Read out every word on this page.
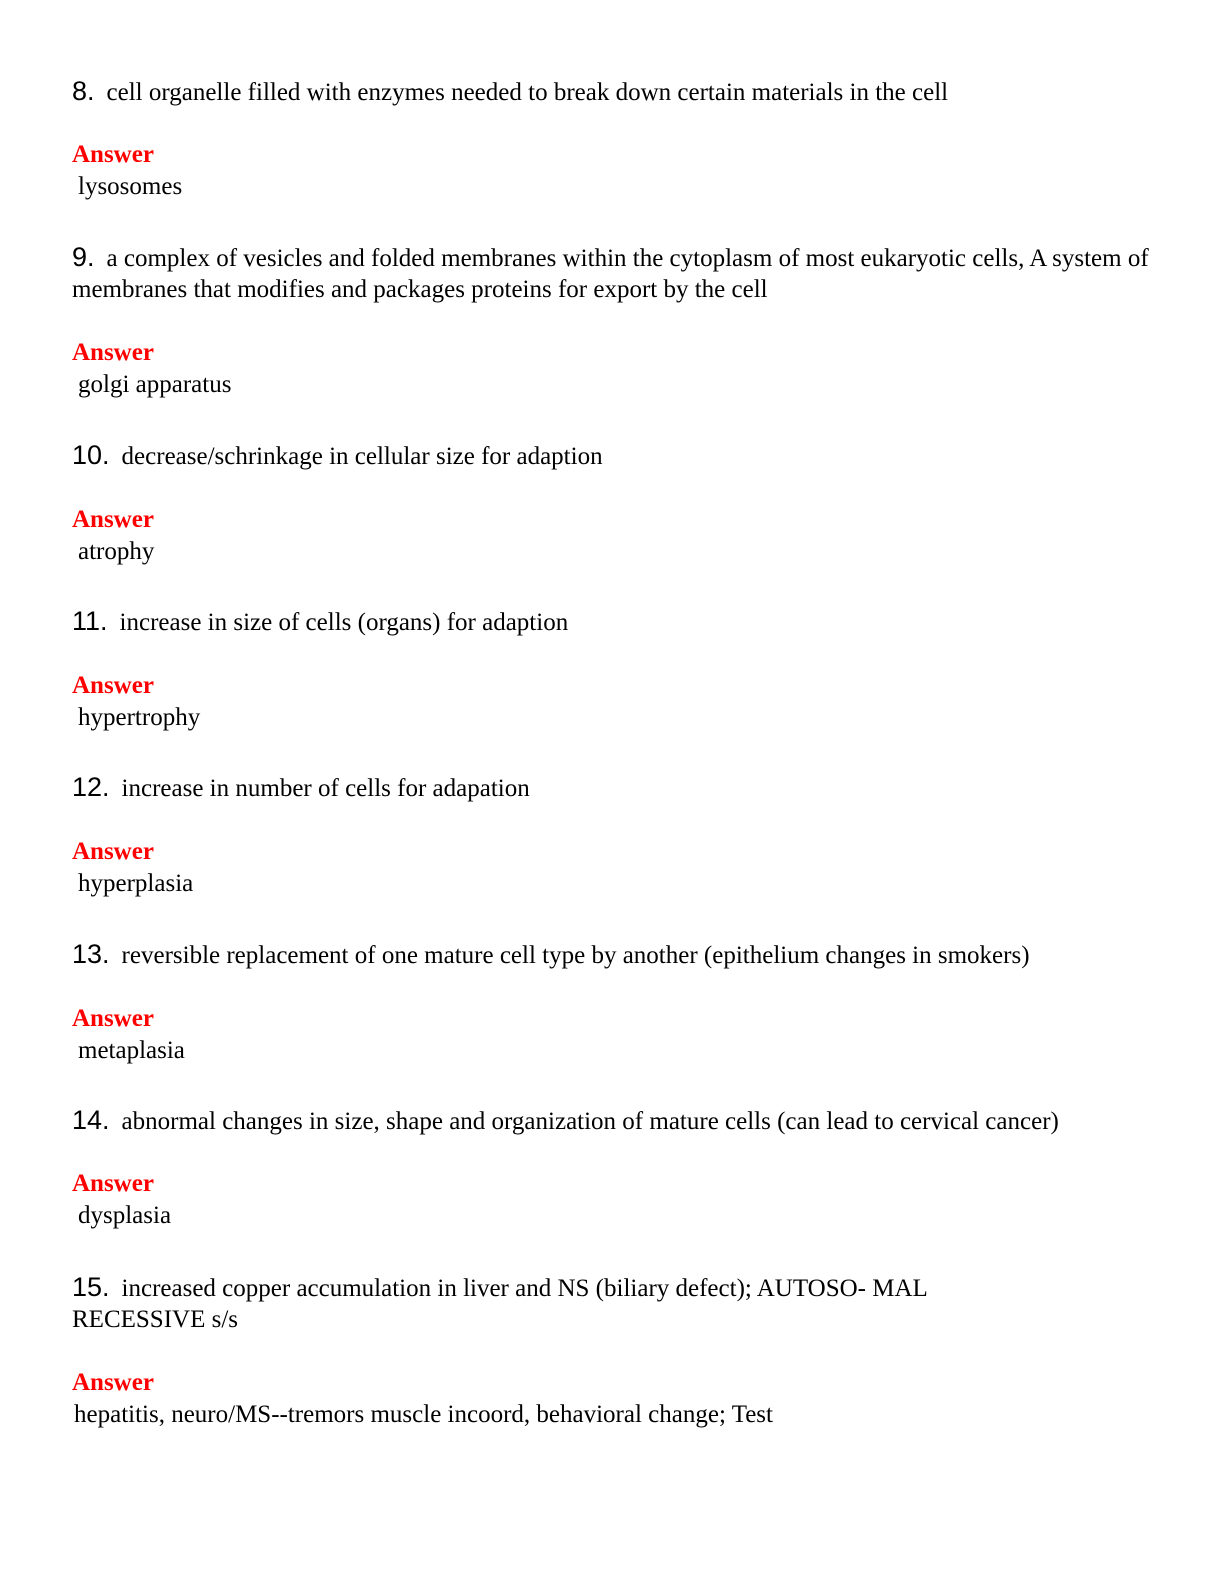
8. cell organelle filled with enzymes needed to break down certain materials in the cell
Answer
lysosomes
9. a complex of vesicles and folded membranes within the cytoplasm of most eukaryotic cells, A system of membranes that modifies and packages proteins for export by the cell
Answer
golgi apparatus
10. decrease/schrinkage in cellular size for adaption
Answer
atrophy
11. increase in size of cells (organs) for adaption
Answer
hypertrophy
12. increase in number of cells for adapation
Answer
hyperplasia
13. reversible replacement of one mature cell type by another (epithelium changes in smokers)
Answer
metaplasia
14. abnormal changes in size, shape and organization of mature cells (can lead to cervical cancer)
Answer
dysplasia
15. increased copper accumulation in liver and NS (biliary defect); AUTOSO- MAL RECESSIVE s/s
Answer
hepatitis, neuro/MS--tremors muscle incoord, behavioral change; Test
